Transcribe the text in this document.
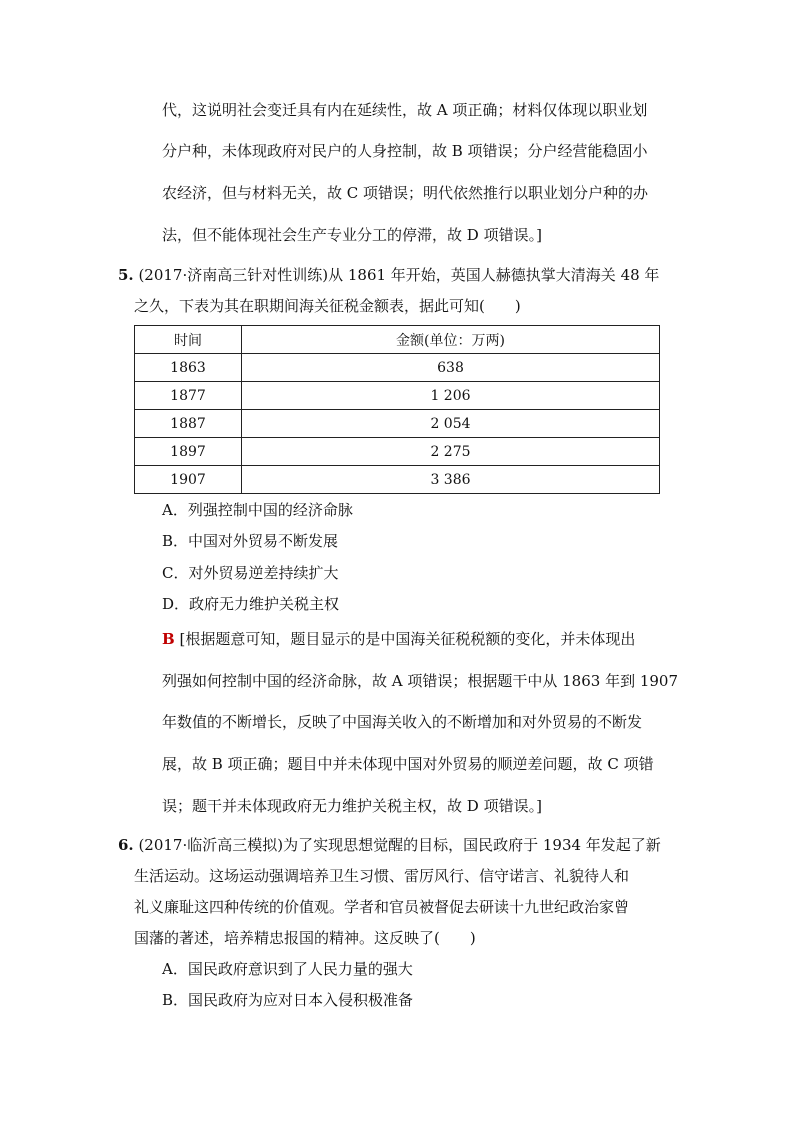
代，这说明社会变迁具有内在延续性，故 A 项正确；材料仅体现以职业划
分户种，未体现政府对民户的人身控制，故 B 项错误；分户经营能稳固小
农经济，但与材料无关，故 C 项错误；明代依然推行以职业划分户种的办
法，但不能体现社会生产专业分工的停滞，故 D 项错误。]
5. (2017·济南高三针对性训练)从 1861 年开始，英国人赫德执掌大清海关 48 年
之久，下表为其在职期间海关征税金额表，据此可知(　　)
时间	金额(单位：万两)
1863	638
1877	1 206
1887	2 054
1897	2 275
1907	3 386
A．列强控制中国的经济命脉
B．中国对外贸易不断发展
C．对外贸易逆差持续扩大
D．政府无力维护关税主权
B [根据题意可知，题目显示的是中国海关征税税额的变化，并未体现出
列强如何控制中国的经济命脉，故 A 项错误；根据题干中从 1863 年到 1907
年数值的不断增长，反映了中国海关收入的不断增加和对外贸易的不断发
展，故 B 项正确；题目中并未体现中国对外贸易的顺逆差问题，故 C 项错
误；题干并未体现政府无力维护关税主权，故 D 项错误。]
6. (2017·临沂高三模拟)为了实现思想觉醒的目标，国民政府于 1934 年发起了新
生活运动。这场运动强调培养卫生习惯、雷厉风行、信守诺言、礼貌待人和
礼义廉耻这四种传统的价值观。学者和官员被督促去研读十九世纪政治家曾
国藩的著述，培养精忠报国的精神。这反映了(　　)
A．国民政府意识到了人民力量的强大
B．国民政府为应对日本入侵积极准备
